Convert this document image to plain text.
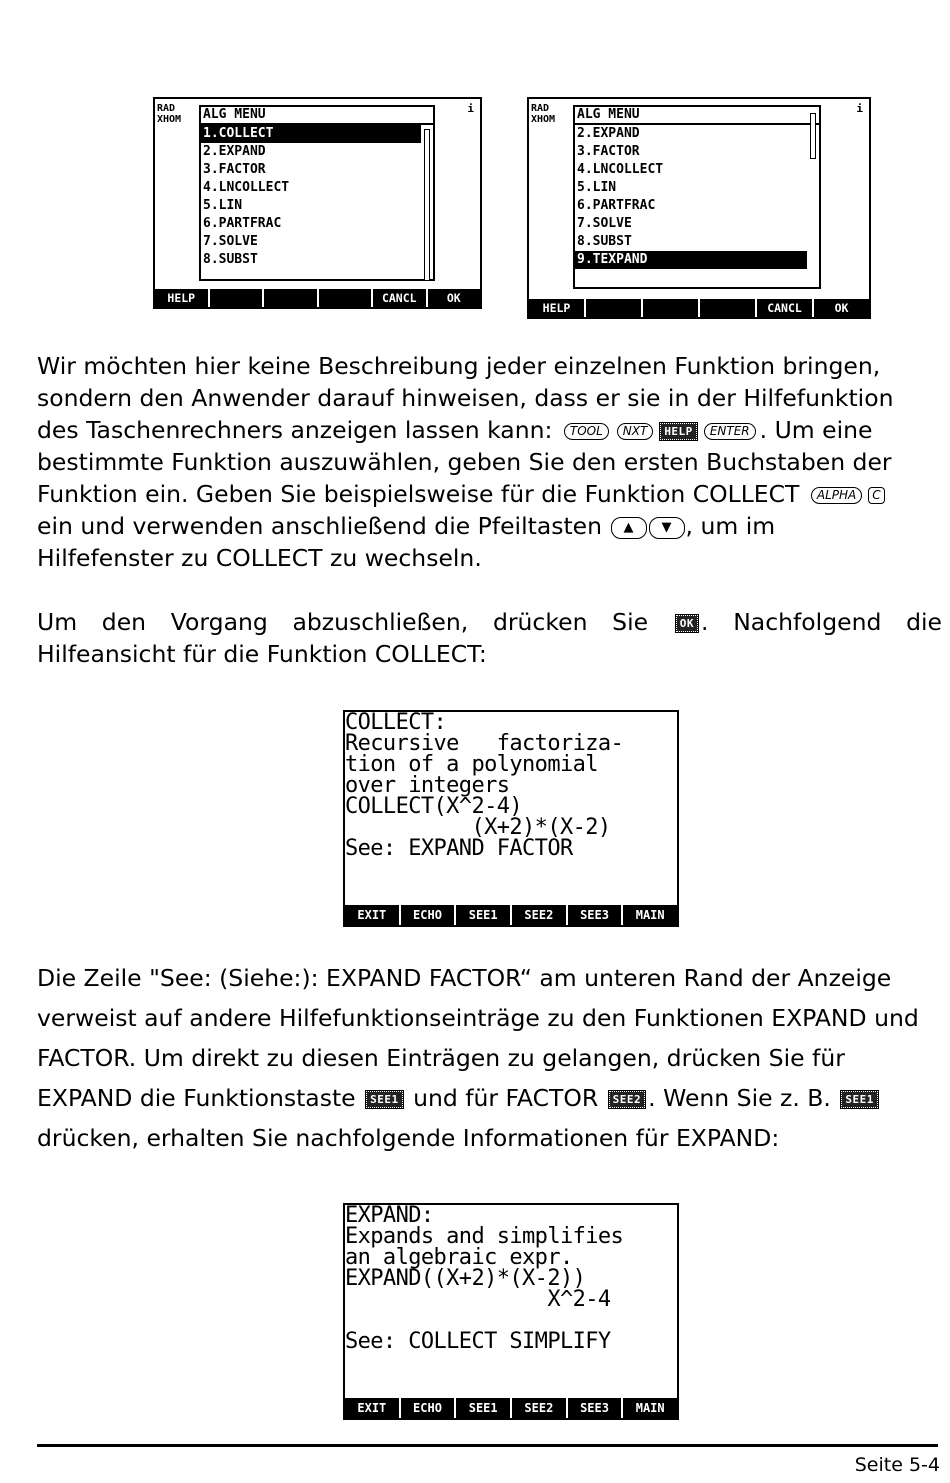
RAD
XHOM
i
ALG MENU
1.COLLECT
2.EXPAND
3.FACTOR
4.LNCOLLECT
5.LIN
6.PARTFRAC
7.SOLVE
8.SUBST
HELP	CANCL	OK
RAD
XHOM
i
ALG MENU
2.EXPAND
3.FACTOR
4.LNCOLLECT
5.LIN
6.PARTFRAC
7.SOLVE
8.SUBST
9.TEXPAND
HELP	CANCL	OK

Wir möchten hier keine Beschreibung jeder einzelnen Funktion bringen, sondern den Anwender darauf hinweisen, dass er sie in der Hilfefunktion des Taschenrechners anzeigen lassen kann: TOOL NXT HELP ENTER . Um eine bestimmte Funktion auszuwählen, geben Sie den ersten Buchstaben der Funktion ein. Geben Sie beispielsweise für die Funktion COLLECT ALPHA C ein und verwenden anschließend die Pfeiltasten ▲ ▼ , um im Hilfefenster zu COLLECT zu wechseln.

Um den Vorgang abzuschließen, drücken Sie OK . Nachfolgend die Hilfeansicht für die Funktion COLLECT:

COLLECT:
Recursive   factoriza-
tion of a polynomial
over integers
COLLECT(X^2-4)
(X+2)*(X-2)
See: EXPAND FACTOR
EXIT	ECHO	SEE1	SEE2	SEE3	MAIN

Die Zeile "See: (Siehe:): EXPAND FACTOR“ am unteren Rand der Anzeige verweist auf andere Hilfefunktionseinträge zu den Funktionen EXPAND und FACTOR. Um direkt zu diesen Einträgen zu gelangen, drücken Sie für EXPAND die Funktionstaste SEE1 und für FACTOR SEE2 . Wenn Sie z. B. SEE1 drücken, erhalten Sie nachfolgende Informationen für EXPAND:

EXPAND:
Expands and simplifies
an algebraic expr.
EXPAND((X+2)*(X-2))
X^2-4
See: COLLECT SIMPLIFY
EXIT	ECHO	SEE1	SEE2	SEE3	MAIN
Seite 5-4
